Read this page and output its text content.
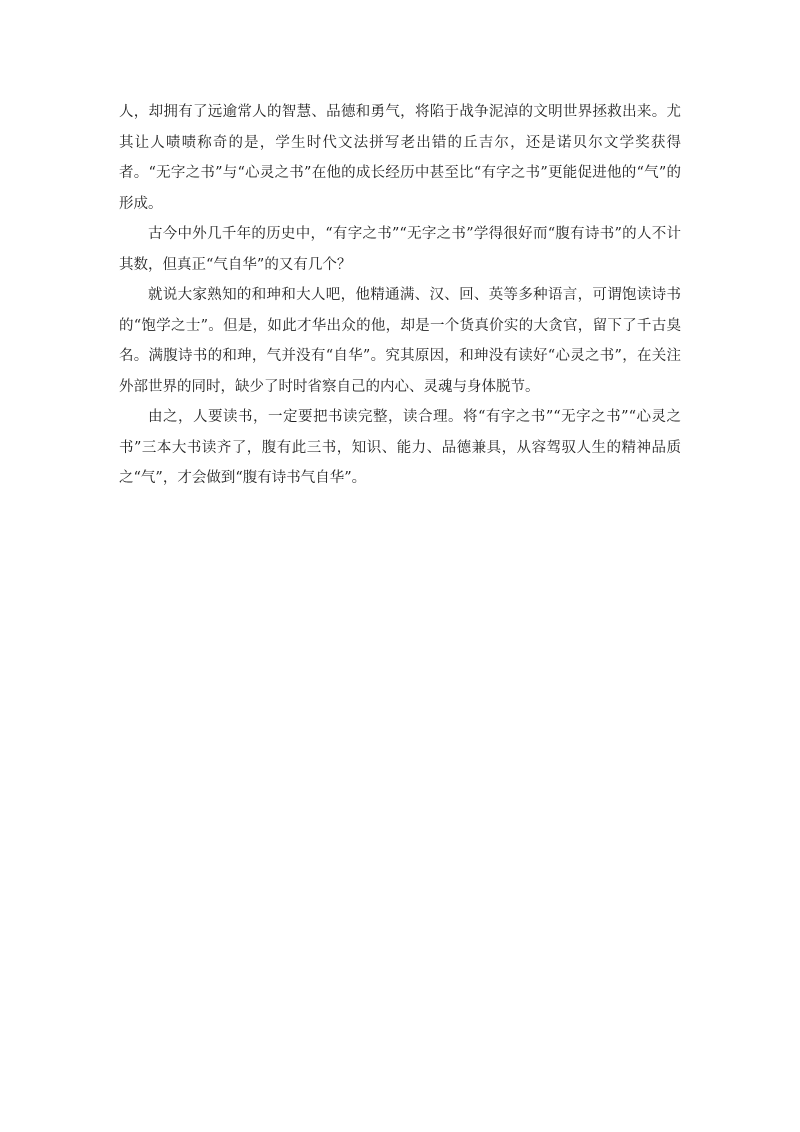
人，却拥有了远逾常人的智慧、品德和勇气，将陷于战争泥淖的文明世界拯救出来。尤其让人啧啧称奇的是，学生时代文法拼写老出错的丘吉尔，还是诺贝尔文学奖获得者。“无字之书”与“心灵之书”在他的成长经历中甚至比“有字之书”更能促进他的“气”的形成。

古今中外几千年的历史中，“有字之书”“无字之书”学得很好而“腹有诗书”的人不计其数，但真正“气自华”的又有几个？

就说大家熟知的和珅和大人吧，他精通满、汉、回、英等多种语言，可谓饱读诗书的“饱学之士”。但是，如此才华出众的他，却是一个货真价实的大贪官，留下了千古臭名。满腹诗书的和珅，气并没有“自华”。究其原因，和珅没有读好“心灵之书”，在关注外部世界的同时，缺少了时时省察自己的内心、灵魂与身体脱节。

由之，人要读书，一定要把书读完整，读合理。将“有字之书”“无字之书”“心灵之书”三本大书读齐了，腹有此三书，知识、能力、品德兼具，从容驾驭人生的精神品质之“气”，才会做到“腹有诗书气自华”。
